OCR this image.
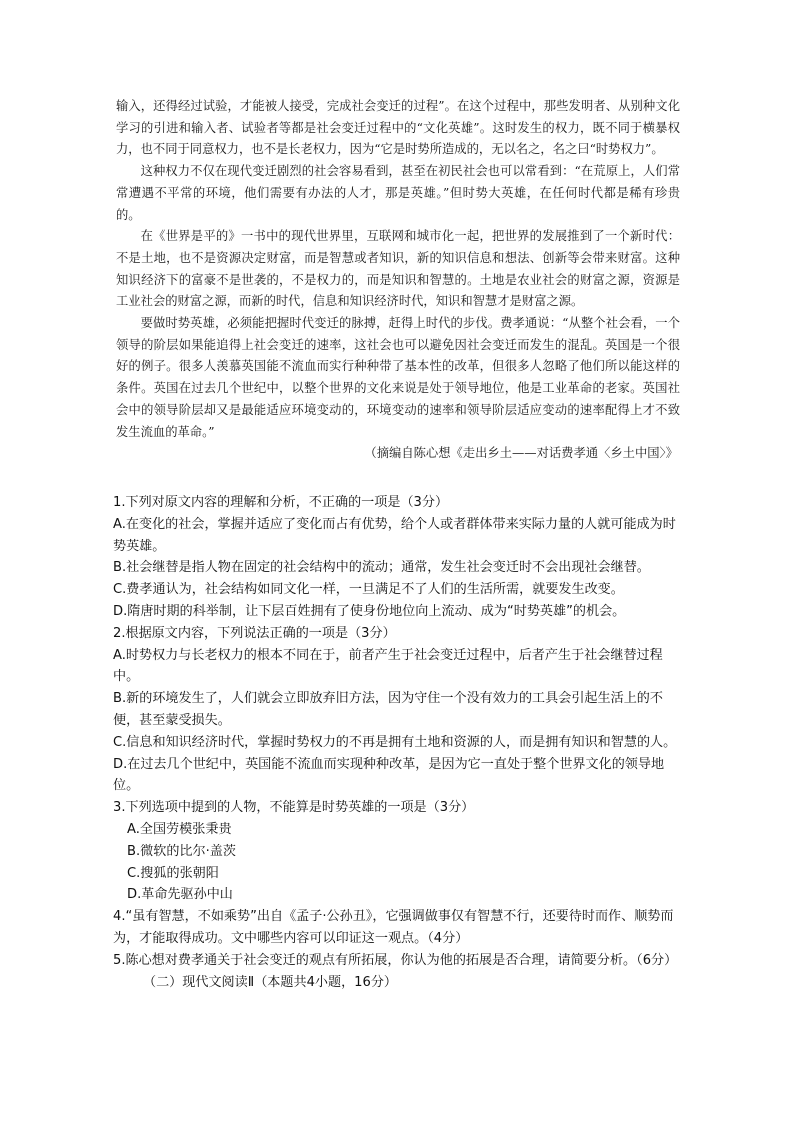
输入，还得经过试验，才能被人接受，完成社会变迁的过程”。在这个过程中，那些发明者、从别种文化学习的引进和输入者、试验者等都是社会变迁过程中的“文化英雄”。这时发生的权力，既不同于横暴权力，也不同于同意权力，也不是长老权力，因为“它是时势所造成的，无以名之，名之曰“时势权力”。

这种权力不仅在现代变迁剧烈的社会容易看到，甚至在初民社会也可以常看到：“在荒原上，人们常常遭遇不平常的环境，他们需要有办法的人才，那是英雄。”但时势大英雄，在任何时代都是稀有珍贵的。

在《世界是平的》一书中的现代世界里，互联网和城市化一起，把世界的发展推到了一个新时代：不是土地，也不是资源决定财富，而是智慧或者知识，新的知识信息和想法、创新等会带来财富。这种知识经济下的富豪不是世袭的，不是权力的，而是知识和智慧的。土地是农业社会的财富之源，资源是工业社会的财富之源，而新的时代，信息和知识经济时代，知识和智慧才是财富之源。

要做时势英雄，必须能把握时代变迁的脉搏，赶得上时代的步伐。费孝通说：“从整个社会看，一个领导的阶层如果能追得上社会变迁的速率，这社会也可以避免因社会变迁而发生的混乱。英国是一个很好的例子。很多人羡慕英国能不流血而实行种种带了基本性的改革，但很多人忽略了他们所以能这样的条件。英国在过去几个世纪中，以整个世界的文化来说是处于领导地位，他是工业革命的老家。英国社会中的领导阶层却又是最能适应环境变动的，环境变动的速率和领导阶层适应变动的速率配得上才不致发生流血的革命。”

（摘编自陈心想《走出乡土——对话费孝通〈乡土中国〉》

1.下列对原文内容的理解和分析，不正确的一项是（3分）

A.在变化的社会，掌握并适应了变化而占有优势，给个人或者群体带来实际力量的人就可能成为时势英雄。

B.社会继替是指人物在固定的社会结构中的流动；通常，发生社会变迁时不会出现社会继替。

C.费孝通认为，社会结构如同文化一样，一旦满足不了人们的生活所需，就要发生改变。

D.隋唐时期的科举制，让下层百姓拥有了使身份地位向上流动、成为“时势英雄”的机会。

2.根据原文内容，下列说法正确的一项是（3分）

A.时势权力与长老权力的根本不同在于，前者产生于社会变迁过程中，后者产生于社会继替过程中。

B.新的环境发生了，人们就会立即放弃旧方法，因为守住一个没有效力的工具会引起生活上的不便，甚至蒙受损失。

C.信息和知识经济时代，掌握时势权力的不再是拥有土地和资源的人，而是拥有知识和智慧的人。

D.在过去几个世纪中，英国能不流血而实现种种改革，是因为它一直处于整个世界文化的领导地位。

3.下列选项中提到的人物，不能算是时势英雄的一项是（3分）

A.全国劳模张秉贵

B.微软的比尔·盖茨

C.搜狐的张朝阳

D.革命先驱孙中山

4.“虽有智慧，不如乘势”出自《孟子·公孙丑》，它强调做事仅有智慧不行，还要待时而作、顺势而为，才能取得成功。文中哪些内容可以印证这一观点。（4分）

5.陈心想对费孝通关于社会变迁的观点有所拓展，你认为他的拓展是否合理，请简要分析。（6分）

（二）现代文阅读Ⅱ（本题共4小题，16分）
